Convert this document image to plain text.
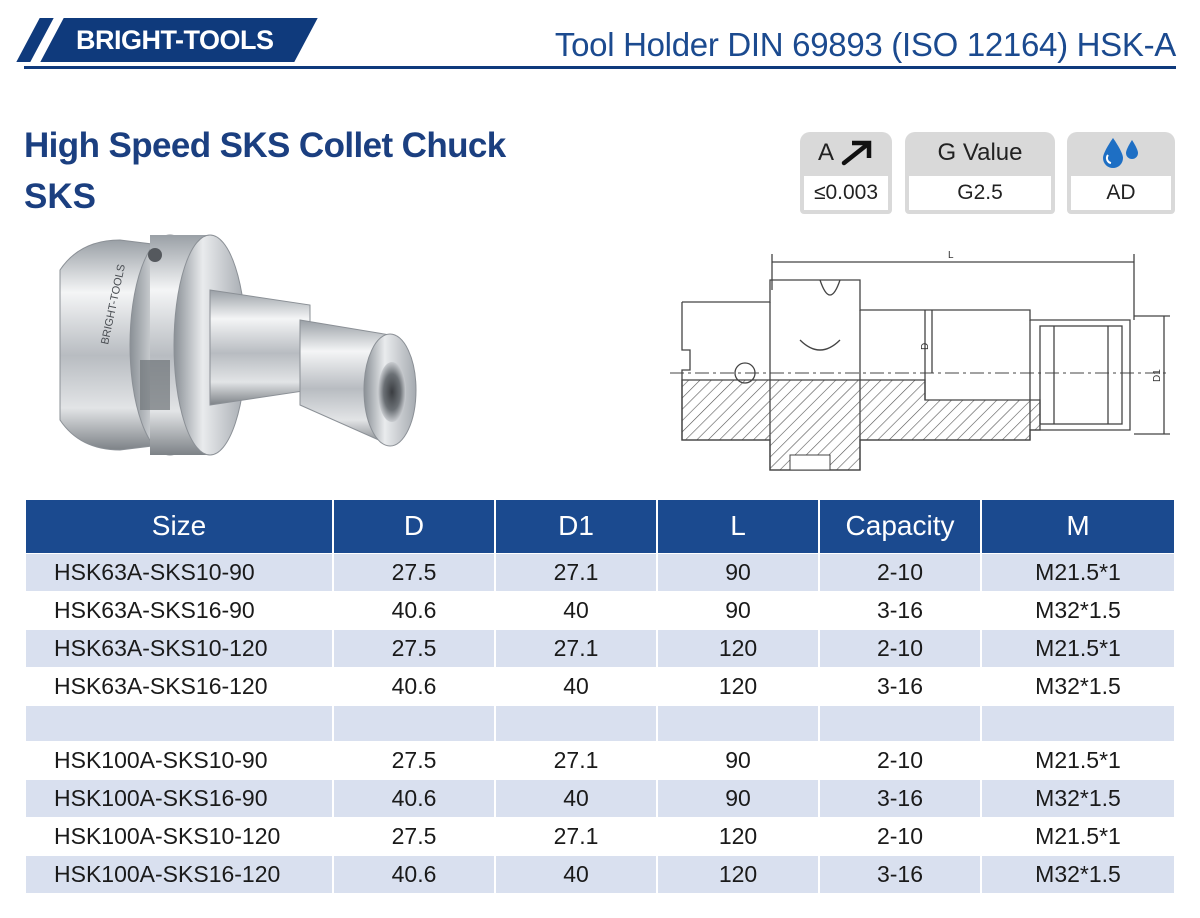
BRIGHT-TOOLS	Tool Holder DIN 69893 (ISO 12164) HSK-A
High Speed SKS Collet Chuck
SKS
A
≤0.003
G Value
G2.5	AD
BRIGHT-TOOLS
L
D
D1
Size	D	D1	L	Capacity	M
HSK63A-SKS10-90	27.5	27.1	90	2-10	M21.5*1
HSK63A-SKS16-90	40.6	40	90	3-16	M32*1.5
HSK63A-SKS10-120	27.5	27.1	120	2-10	M21.5*1
HSK63A-SKS16-120	40.6	40	120	3-16	M32*1.5

HSK100A-SKS10-90	27.5	27.1	90	2-10	M21.5*1
HSK100A-SKS16-90	40.6	40	90	3-16	M32*1.5
HSK100A-SKS10-120	27.5	27.1	120	2-10	M21.5*1
HSK100A-SKS16-120	40.6	40	120	3-16	M32*1.5
